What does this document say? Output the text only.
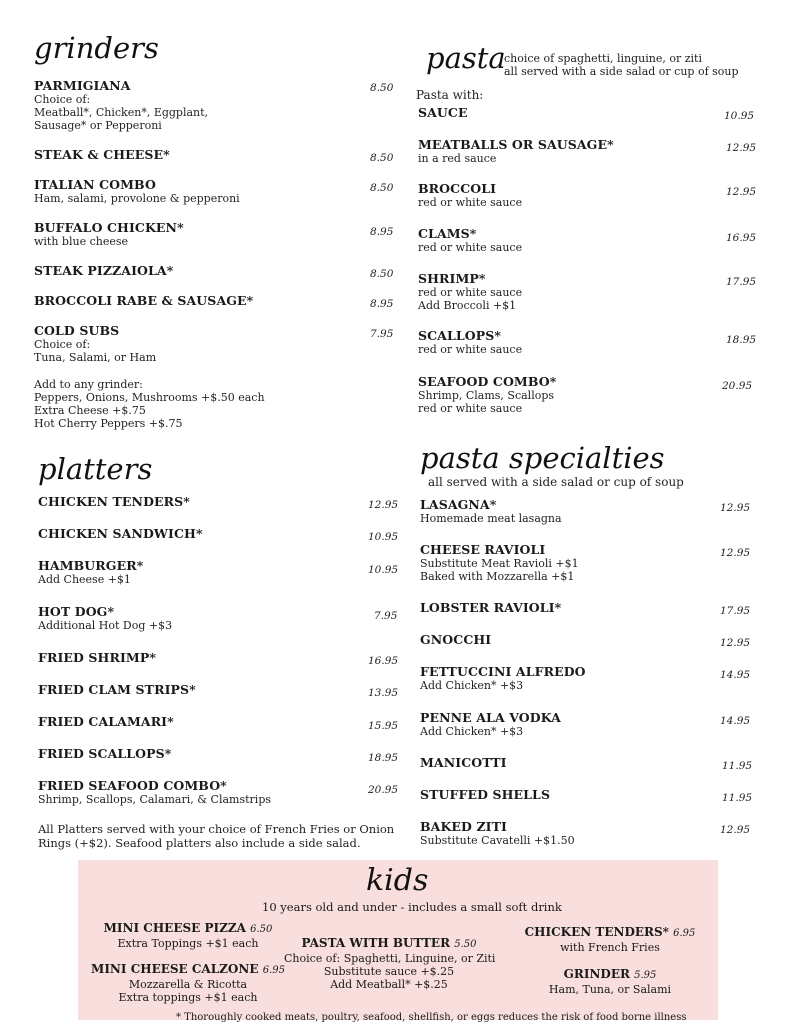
grinders
PARMIGIANA
Choice of:
Meatball*, Chicken*, Eggplant,
Sausage* or Pepperoni
8.50
STEAK & CHEESE*	8.50
ITALIAN COMBO
Ham, salami, provolone & pepperoni
8.50
BUFFALO CHICKEN*
with blue cheese
8.95
STEAK PIZZAIOLA*	8.50
BROCCOLI RABE & SAUSAGE*	8.95
COLD SUBS
Choice of:
Tuna, Salami, or Ham
7.95
Add to any grinder:
Peppers, Onions, Mushrooms +$.50 each
Extra Cheese +$.75
Hot Cherry Peppers +$.75
platters
CHICKEN TENDERS*	12.95
CHICKEN SANDWICH*	10.95
HAMBURGER*
Add Cheese +$1
10.95
HOT DOG*
Additional Hot Dog +$3
7.95
FRIED SHRIMP*	16.95
FRIED CLAM STRIPS*	13.95
FRIED CALAMARI*	15.95
FRIED SCALLOPS*	18.95
FRIED SEAFOOD COMBO*
Shrimp, Scallops, Calamari, & Clamstrips
20.95
All Platters served with your choice of French Fries or Onion
Rings (+$2). Seafood platters also include a side salad.
pasta
choice of spaghetti, linguine, or ziti
all served with a side salad or cup of soup
Pasta with:
SAUCE	10.95
MEATBALLS OR SAUSAGE*
in a red sauce
12.95
BROCCOLI
red or white sauce
12.95
CLAMS*
red or white sauce
16.95
SHRIMP*
red or white sauce
Add Broccoli +$1
17.95
SCALLOPS*
red or white sauce
18.95
SEAFOOD COMBO*
Shrimp, Clams, Scallops
red or white sauce
20.95
pasta specialties
all served with a side salad or cup of soup
LASAGNA*
Homemade meat lasagna
12.95
CHEESE RAVIOLI
Substitute Meat Ravioli +$1
Baked with Mozzarella +$1
12.95
LOBSTER RAVIOLI*	17.95
GNOCCHI	12.95
FETTUCCINI ALFREDO
Add Chicken* +$3
14.95
PENNE ALA VODKA
Add Chicken* +$3
14.95
MANICOTTI	11.95
STUFFED SHELLS	11.95
BAKED ZITI
Substitute Cavatelli +$1.50
12.95
kids
10 years old and under - includes a small soft drink
MINI CHEESE PIZZA 6.50
Extra Toppings +$1 each
MINI CHEESE CALZONE 6.95
Mozzarella & Ricotta
Extra toppings +$1 each
PASTA WITH BUTTER 5.50
Choice of: Spaghetti, Linguine, or Ziti
Substitute sauce +$.25
Add Meatball* +$.25
CHICKEN TENDERS* 6.95
with French Fries
GRINDER 5.95
Ham, Tuna, or Salami
* Thoroughly cooked meats, poultry, seafood, shellfish, or eggs reduces the risk of food borne illness
